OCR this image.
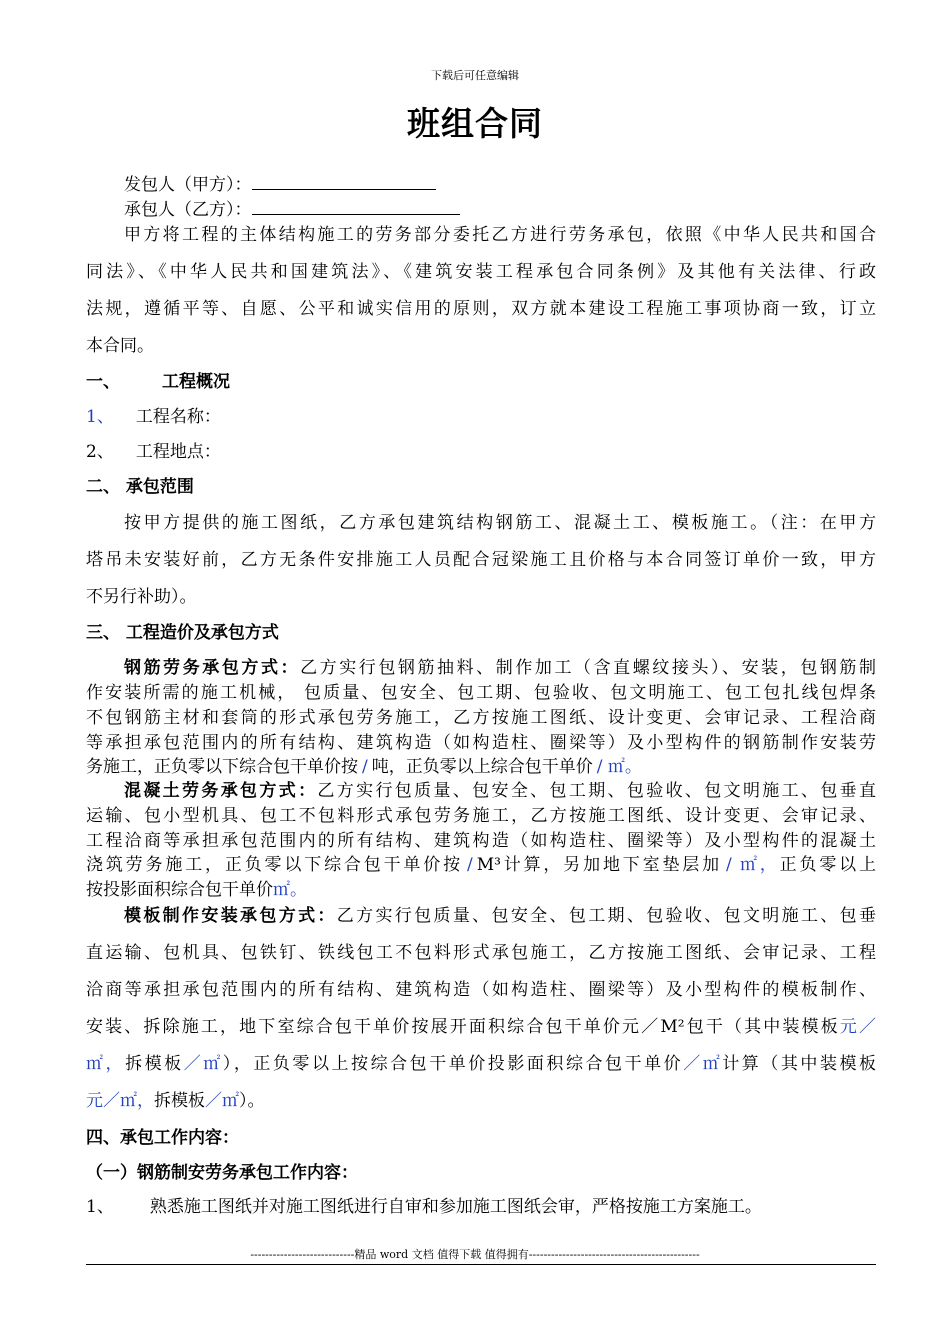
下载后可任意编辑
班组合同
发包人（甲方）：
承包人（乙方）：
甲方将工程的主体结构施工的劳务部分委托乙方进行劳务承包，依照《中华人民共和国合
同法》、《中华人民共和国建筑法》、《建筑安装工程承包合同条例》及其他有关法律、行政
法规，遵循平等、自愿、公平和诚实信用的原则，双方就本建设工程施工事项协商一致，订立
本合同。
一、 工程概况
1、 工程名称：
2、 工程地点：
二、 承包范围
按甲方提供的施工图纸，乙方承包建筑结构钢筋工、混凝土工、模板施工。（注：在甲方
塔吊未安装好前，乙方无条件安排施工人员配合冠梁施工且价格与本合同签订单价一致，甲方
不另行补助）。
三、 工程造价及承包方式
钢筋劳务承包方式：乙方实行包钢筋抽料、制作加工（含直螺纹接头）、安装，包钢筋制
作安装所需的施工机械， 包质量、包安全、包工期、包验收、包文明施工、包工包扎线包焊条
不包钢筋主材和套筒的形式承包劳务施工，乙方按施工图纸、设计变更、会审记录、工程洽商
等承担承包范围内的所有结构、建筑构造（如构造柱、圈梁等）及小型构件的钢筋制作安装劳
务施工，正负零以下综合包干单价按 / 吨，正负零以上综合包干单价 / ㎡。
混凝土劳务承包方式：乙方实行包质量、包安全、包工期、包验收、包文明施工、包垂直
运输、包小型机具、包工不包料形式承包劳务施工，乙方按施工图纸、设计变更、会审记录、
工程洽商等承担承包范围内的所有结构、建筑构造（如构造柱、圈梁等）及小型构件的混凝土
浇筑劳务施工，正负零以下综合包干单价按 / M³计算，另加地下室垫层加 / ㎡，正负零以上
按投影面积综合包干单价㎡。
模板制作安装承包方式：乙方实行包质量、包安全、包工期、包验收、包文明施工、包垂
直运输、包机具、包铁钉、铁线包工不包料形式承包施工，乙方按施工图纸、会审记录、工程
洽商等承担承包范围内的所有结构、建筑构造（如构造柱、圈梁等）及小型构件的模板制作、
安装、拆除施工，地下室综合包干单价按展开面积综合包干单价元／M²包干（其中装模板元／
㎡，拆模板／㎡），正负零以上按综合包干单价投影面积综合包干单价／㎡计算（其中装模板
元／㎡，拆模板／㎡）。
四、承包工作内容：
（一）钢筋制安劳务承包工作内容：
1、 熟悉施工图纸并对施工图纸进行自审和参加施工图纸会审，严格按施工方案施工。
----------------------------精品 word 文档 值得下载 值得拥有----------------------------------------------
